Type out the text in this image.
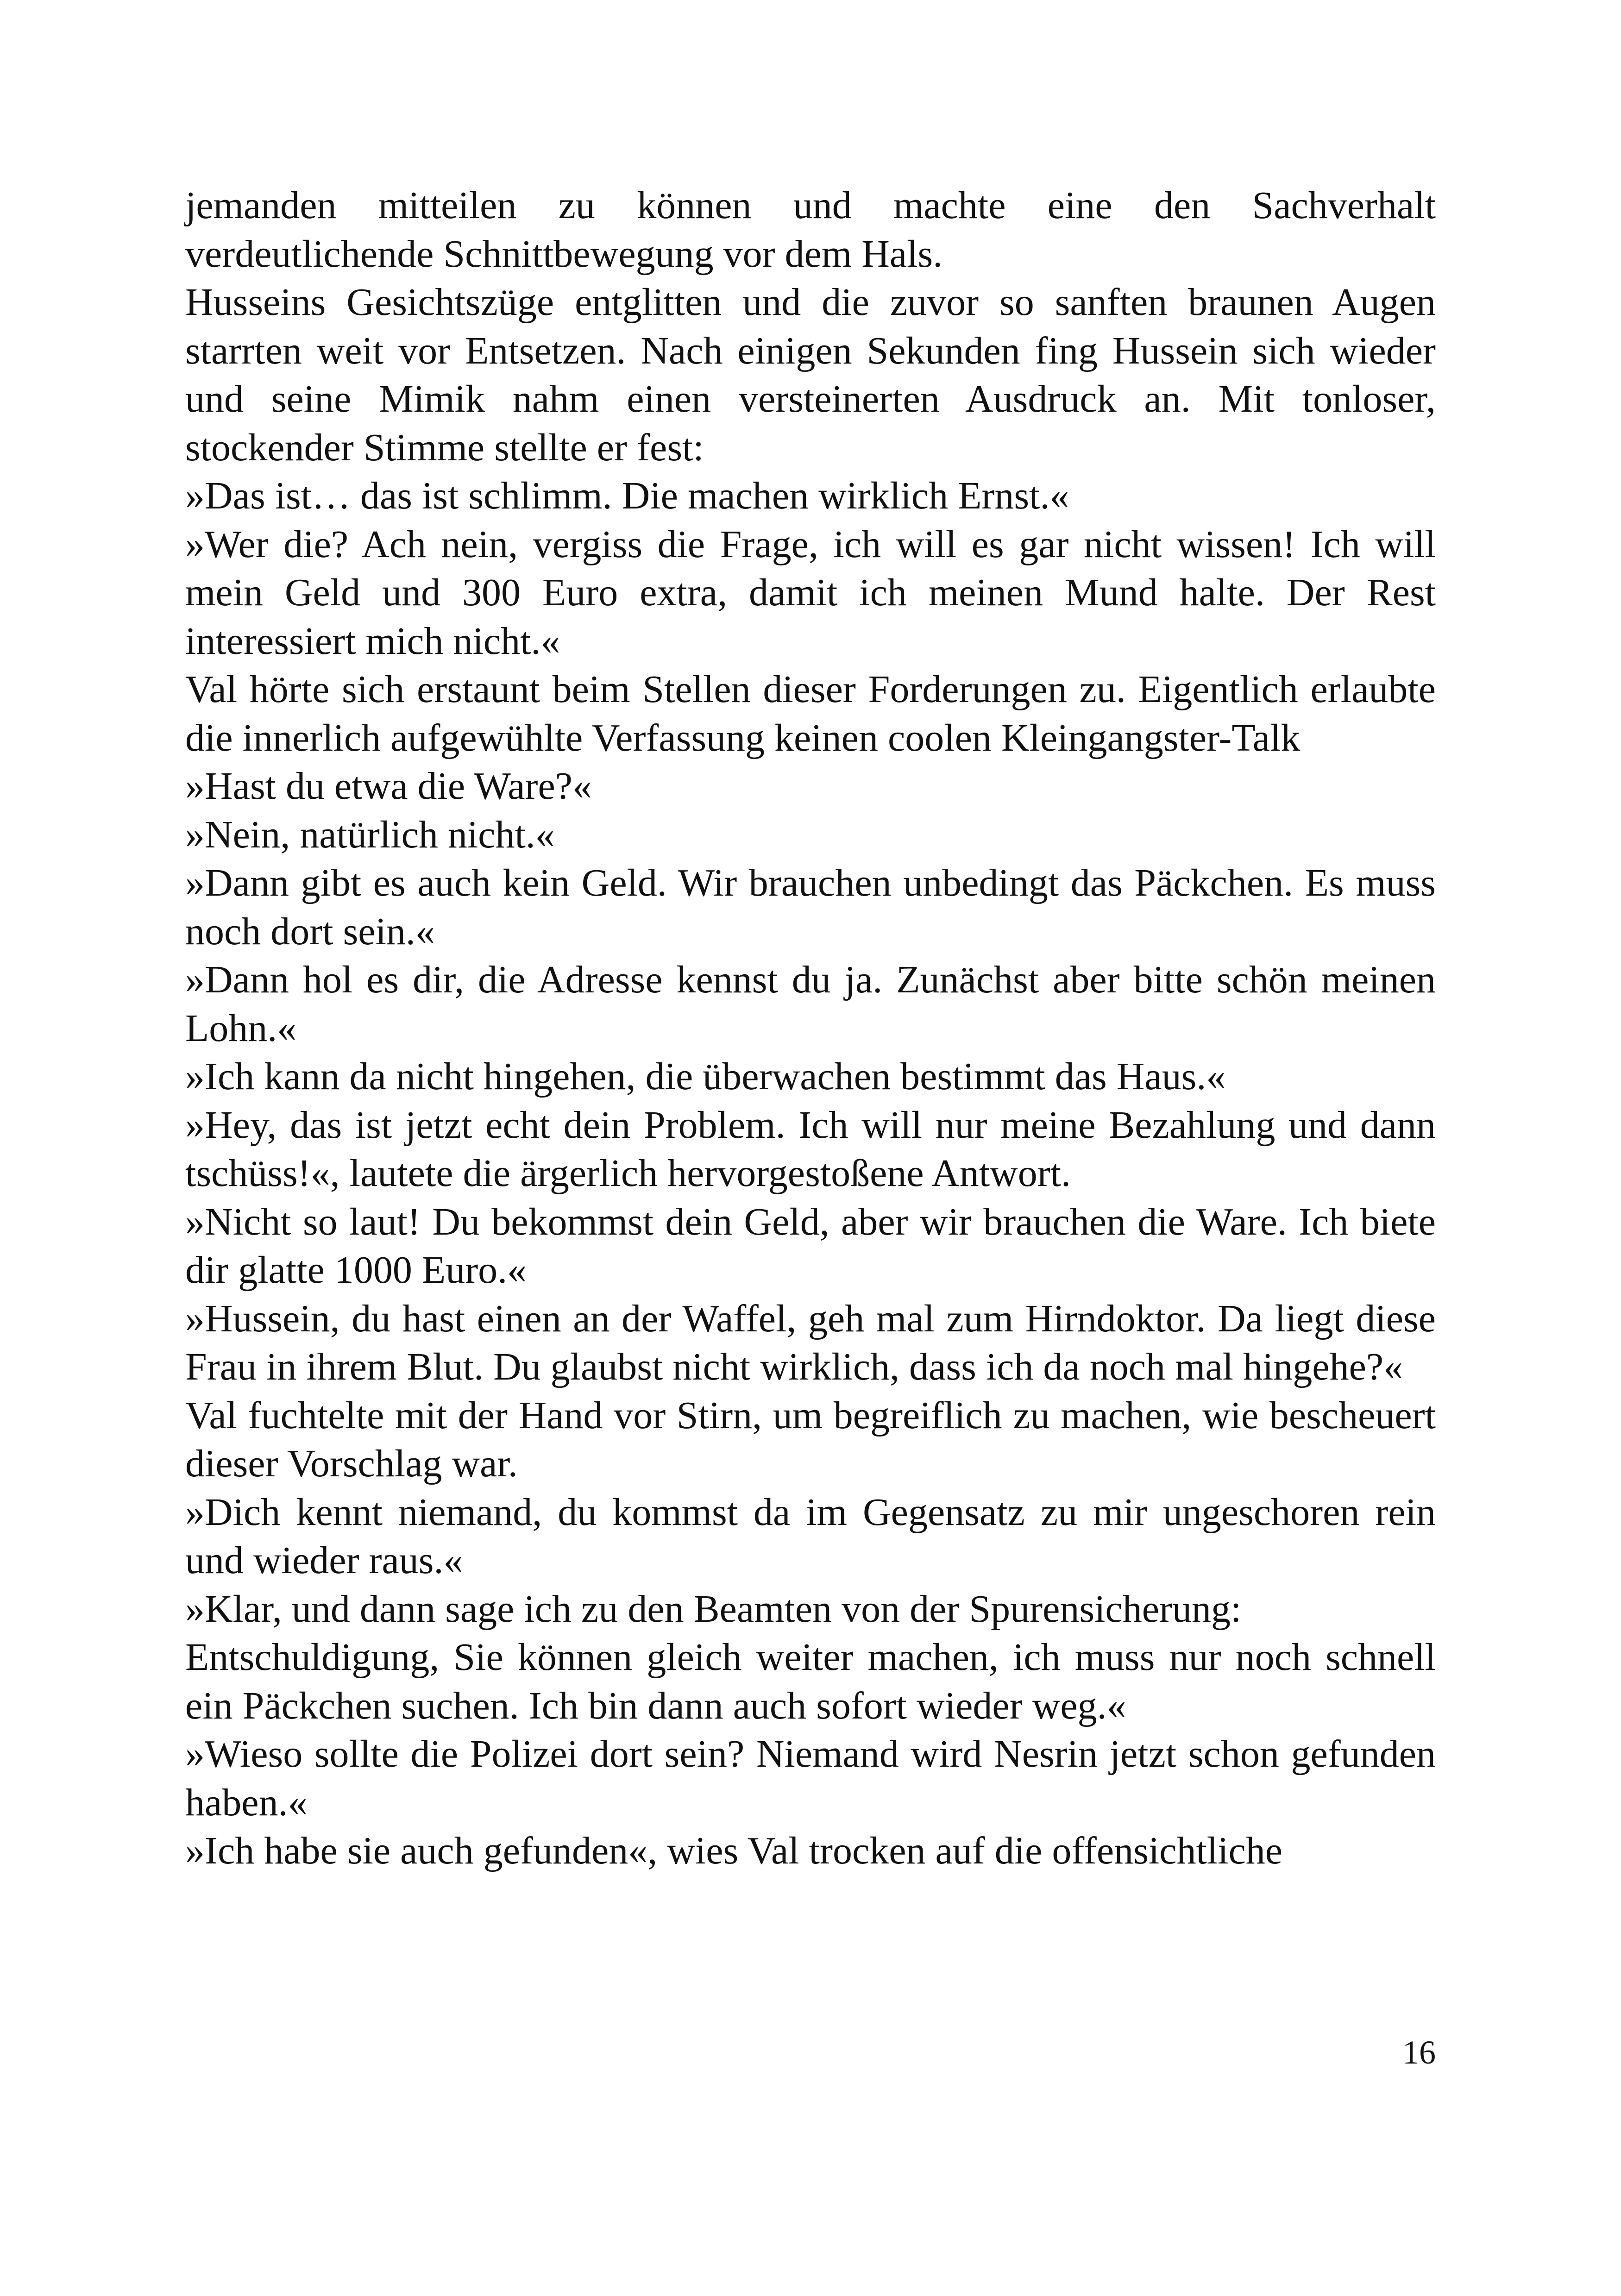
jemanden mitteilen zu können und machte eine den Sachverhalt verdeutlichende Schnittbewegung vor dem Hals.

Husseins Gesichtszüge entglitten und die zuvor so sanften braunen Augen starrten weit vor Entsetzen. Nach einigen Sekunden fing Hussein sich wieder und seine Mimik nahm einen versteinerten Ausdruck an. Mit tonloser, stockender Stimme stellte er fest:

»Das ist… das ist schlimm. Die machen wirklich Ernst.«

»Wer die? Ach nein, vergiss die Frage, ich will es gar nicht wissen! Ich will mein Geld und 300 Euro extra, damit ich meinen Mund halte. Der Rest interessiert mich nicht.«

Val hörte sich erstaunt beim Stellen dieser Forderungen zu. Eigentlich erlaubte die innerlich aufgewühlte Verfassung keinen coolen Kleingangster-Talk

»Hast du etwa die Ware?«

»Nein, natürlich nicht.«

»Dann gibt es auch kein Geld. Wir brauchen unbedingt das Päckchen. Es muss noch dort sein.«

»Dann hol es dir, die Adresse kennst du ja. Zunächst aber bitte schön meinen Lohn.«

»Ich kann da nicht hingehen, die überwachen bestimmt das Haus.«

»Hey, das ist jetzt echt dein Problem. Ich will nur meine Bezahlung und dann tschüss!«, lautete die ärgerlich hervorgestoßene Antwort.

»Nicht so laut! Du bekommst dein Geld, aber wir brauchen die Ware. Ich biete dir glatte 1000 Euro.«

»Hussein, du hast einen an der Waffel, geh mal zum Hirndoktor. Da liegt diese Frau in ihrem Blut. Du glaubst nicht wirklich, dass ich da noch mal hingehe?«

Val fuchtelte mit der Hand vor Stirn, um begreiflich zu machen, wie bescheuert dieser Vorschlag war.

»Dich kennt niemand, du kommst da im Gegensatz zu mir ungeschoren rein und wieder raus.«

»Klar, und dann sage ich zu den Beamten von der Spurensicherung:

Entschuldigung, Sie können gleich weiter machen, ich muss nur noch schnell ein Päckchen suchen. Ich bin dann auch sofort wieder weg.«

»Wieso sollte die Polizei dort sein? Niemand wird Nesrin jetzt schon gefunden haben.«

»Ich habe sie auch gefunden«, wies Val trocken auf die offensichtliche

16
